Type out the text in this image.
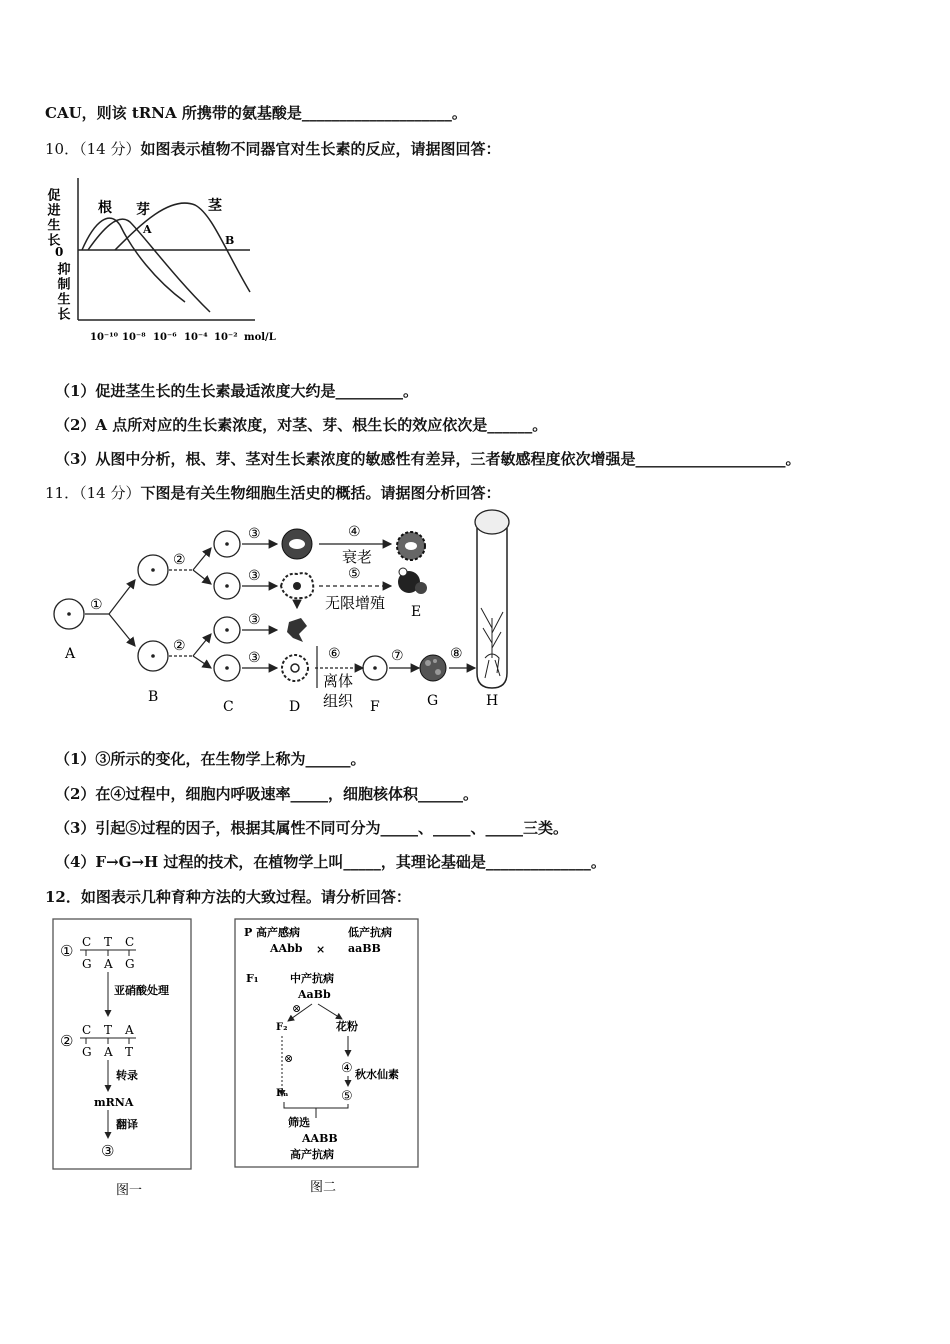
CAU，则该 tRNA 所携带的氨基酸是____________________。
10．（14 分）如图表示植物不同器官对生长素的反应，请据图回答：
促进生长
0
抑制生长
根 芽	茎
A
B
10⁻¹⁰ 10⁻⁸ 10⁻⁶ 10⁻⁴ 10⁻² mol/L
（1）促进茎生长的生长素最适浓度大约是_________。
（2）A 点所对应的生长素浓度，对茎、芽、根生长的效应依次是______。
（3）从图中分析，根、芽、茎对生长素浓度的敏感性有差异，三者敏感程度依次增强是____________________。
11．（14 分）下图是有关生物细胞生活史的概括。请据图分析回答：
A
①
B
②
②
C
③
③
③
③
D
④
衰老
⑤
无限增殖 E
⑥
离体
组织 F
⑦
G
⑧
H
（1）③所示的变化，在生物学上称为______。
（2）在④过程中，细胞内呼吸速率_____，细胞核体积______。
（3）引起⑤过程的因子，根据其属性不同可分为_____、_____、_____三类。
（4）F→G→H 过程的技术，在植物学上叫_____，其理论基础是______________。
12．如图表示几种育种方法的大致过程。请分析回答：
① C T C
G A G
亚硝酸处理
②
C T A
G A T
转录
mRNA
翻译
③
图一
P 高产感病	低产抗病
AAbb × aaBB
F₁	中产抗病
AaBb
⊗
F₂	花粉
⊗
④ 秋水仙素
⑤
Fₙ
筛选
AABB
高产抗病
图二
